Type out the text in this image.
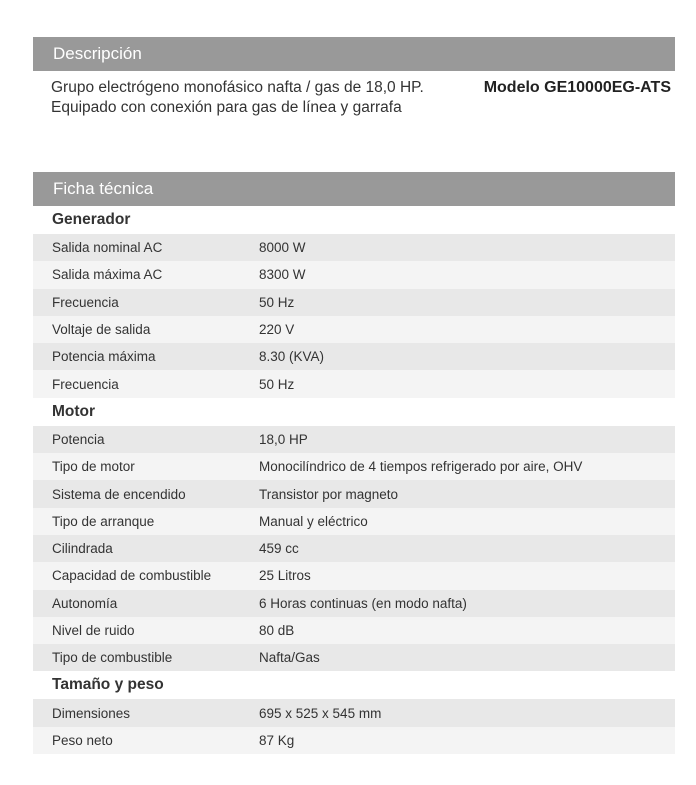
Descripción
Grupo electrógeno monofásico nafta / gas de 18,0 HP. Equipado con conexión para gas de línea y garrafa
Modelo GE10000EG-ATS
Ficha técnica
Generador
Salida nominal AC	8000 W
Salida máxima AC	8300 W
Frecuencia	50 Hz
Voltaje de salida	220 V
Potencia máxima	8.30 (KVA)
Frecuencia	50 Hz
Motor
Potencia	18,0 HP
Tipo de motor	Monocilíndrico de 4 tiempos refrigerado por aire, OHV
Sistema de encendido	Transistor por magneto
Tipo de arranque	Manual y eléctrico
Cilindrada	459 cc
Capacidad de combustible	25 Litros
Autonomía	6 Horas continuas (en modo nafta)
Nivel de ruido	80 dB
Tipo de combustible	Nafta/Gas
Tamaño y peso
Dimensiones	695 x 525 x 545 mm
Peso neto	87 Kg
